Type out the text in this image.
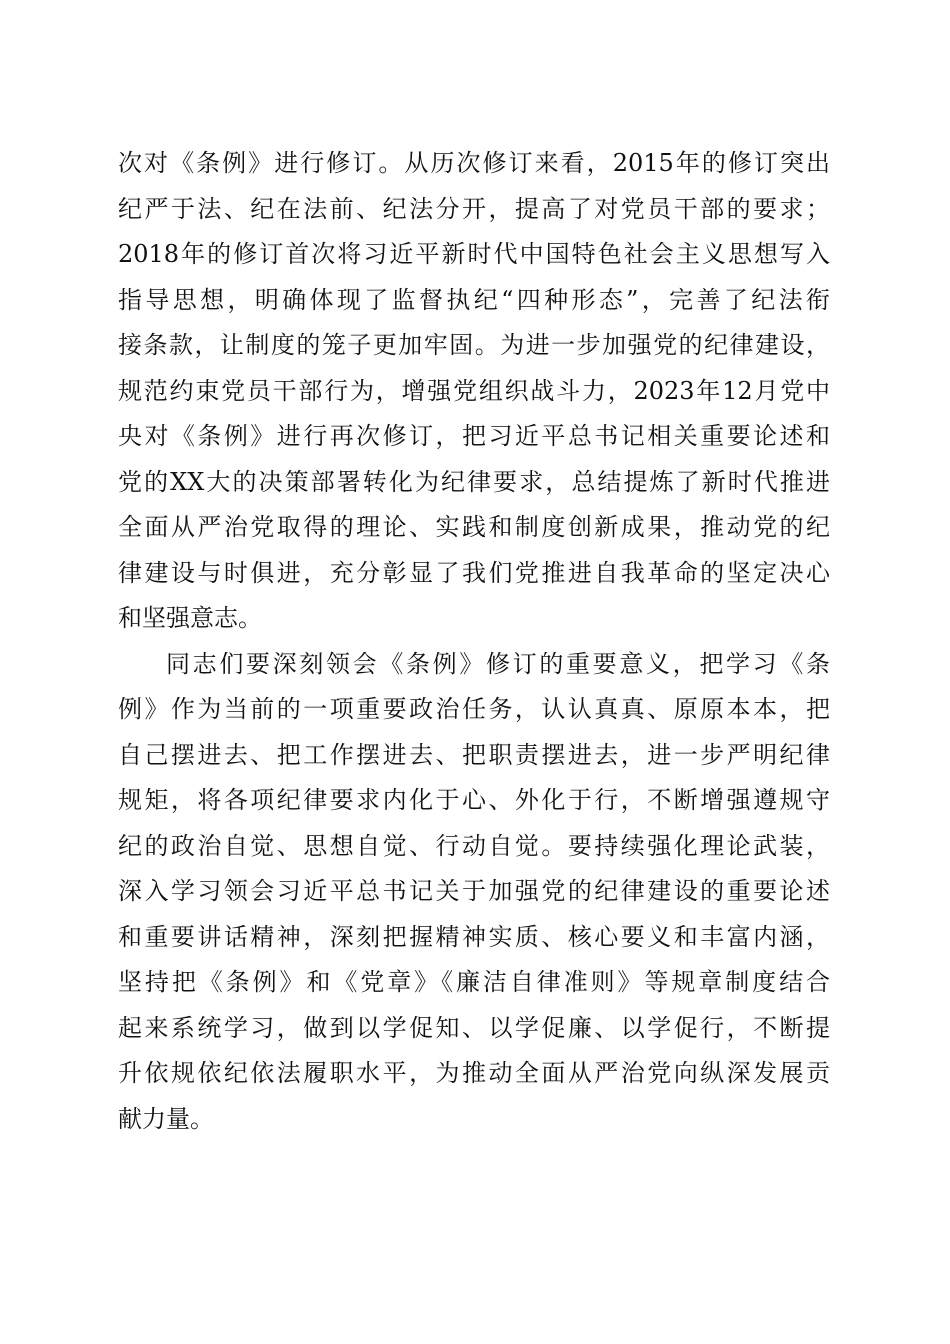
次对《条例》进行修订。从历次修订来看，2015年的修订突出
纪严于法、纪在法前、纪法分开，提高了对党员干部的要求；
2018年的修订首次将习近平新时代中国特色社会主义思想写入
指导思想，明确体现了监督执纪“四种形态”，完善了纪法衔
接条款，让制度的笼子更加牢固。为进一步加强党的纪律建设，
规范约束党员干部行为，增强党组织战斗力，2023年12月党中
央对《条例》进行再次修订，把习近平总书记相关重要论述和
党的XX大的决策部署转化为纪律要求，总结提炼了新时代推进
全面从严治党取得的理论、实践和制度创新成果，推动党的纪
律建设与时俱进，充分彰显了我们党推进自我革命的坚定决心
和坚强意志。
同志们要深刻领会《条例》修订的重要意义，把学习《条
例》作为当前的一项重要政治任务，认认真真、原原本本，把
自己摆进去、把工作摆进去、把职责摆进去，进一步严明纪律
规矩，将各项纪律要求内化于心、外化于行，不断增强遵规守
纪的政治自觉、思想自觉、行动自觉。要持续强化理论武装，
深入学习领会习近平总书记关于加强党的纪律建设的重要论述
和重要讲话精神，深刻把握精神实质、核心要义和丰富内涵，
坚持把《条例》和《党章》《廉洁自律准则》等规章制度结合
起来系统学习，做到以学促知、以学促廉、以学促行，不断提
升依规依纪依法履职水平，为推动全面从严治党向纵深发展贡
献力量。
